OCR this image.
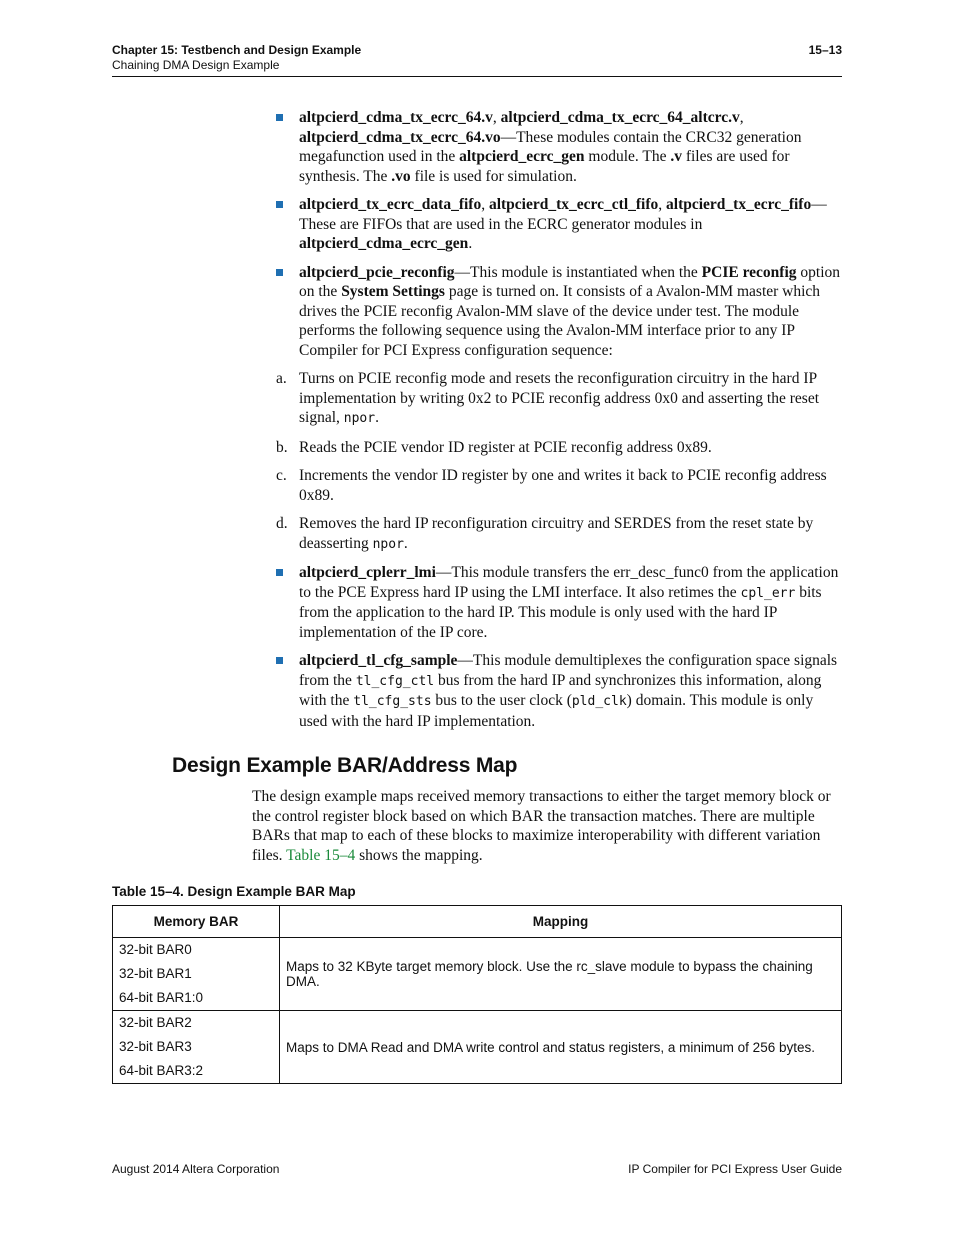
Chapter 15: Testbench and Design Example
Chaining DMA Design Example
15–13
altpcierd_cdma_tx_ecrc_64.v, altpcierd_cdma_tx_ecrc_64_altcrc.v, altpcierd_cdma_tx_ecrc_64.vo—These modules contain the CRC32 generation megafunction used in the altpcierd_ecrc_gen module. The .v files are used for synthesis. The .vo file is used for simulation.
altpcierd_tx_ecrc_data_fifo, altpcierd_tx_ecrc_ctl_fifo, altpcierd_tx_ecrc_fifo—These are FIFOs that are used in the ECRC generator modules in altpcierd_cdma_ecrc_gen.
altpcierd_pcie_reconfig—This module is instantiated when the PCIE reconfig option on the System Settings page is turned on. It consists of a Avalon-MM master which drives the PCIE reconfig Avalon-MM slave of the device under test. The module performs the following sequence using the Avalon-MM interface prior to any IP Compiler for PCI Express configuration sequence:
a. Turns on PCIE reconfig mode and resets the reconfiguration circuitry in the hard IP implementation by writing 0x2 to PCIE reconfig address 0x0 and asserting the reset signal, npor.
b. Reads the PCIE vendor ID register at PCIE reconfig address 0x89.
c. Increments the vendor ID register by one and writes it back to PCIE reconfig address 0x89.
d. Removes the hard IP reconfiguration circuitry and SERDES from the reset state by deasserting npor.
altpcierd_cplerr_lmi—This module transfers the err_desc_func0 from the application to the PCE Express hard IP using the LMI interface. It also retimes the cpl_err bits from the application to the hard IP. This module is only used with the hard IP implementation of the IP core.
altpcierd_tl_cfg_sample—This module demultiplexes the configuration space signals from the tl_cfg_ctl bus from the hard IP and synchronizes this information, along with the tl_cfg_sts bus to the user clock (pld_clk) domain. This module is only used with the hard IP implementation.
Design Example BAR/Address Map
The design example maps received memory transactions to either the target memory block or the control register block based on which BAR the transaction matches. There are multiple BARs that map to each of these blocks to maximize interoperability with different variation files. Table 15–4 shows the mapping.
Table 15–4. Design Example BAR Map
Memory BAR	Mapping

32-bit BAR0
32-bit BAR1
64-bit BAR1:0	Maps to 32 KByte target memory block. Use the rc_slave module to bypass the chaining DMA.

32-bit BAR2
32-bit BAR3
64-bit BAR3:2	Maps to DMA Read and DMA write control and status registers, a minimum of 256 bytes.
August 2014 Altera Corporation	IP Compiler for PCI Express User Guide
